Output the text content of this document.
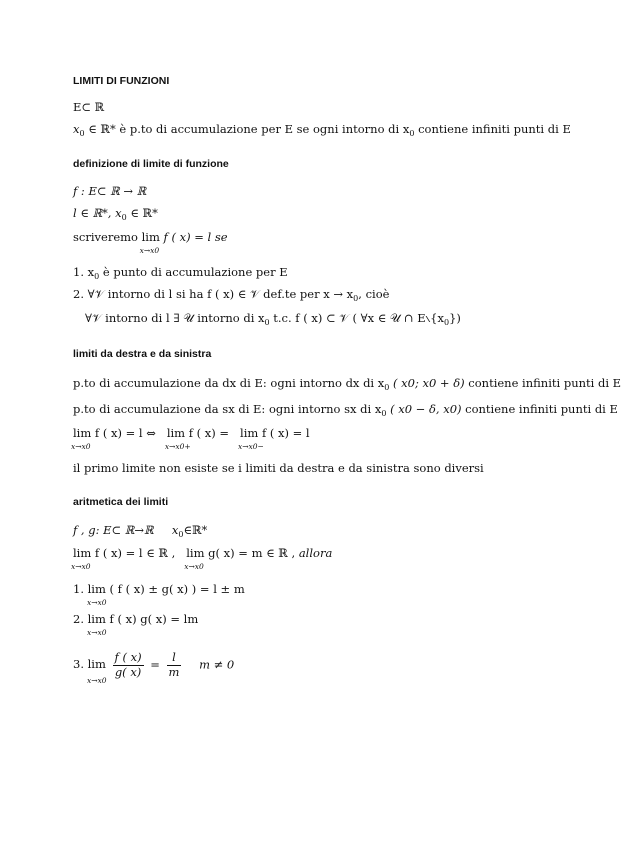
LIMITI DI FUNZIONI
E⊂ ℝ
$x_0$ ∈ ℝ* è p.to di accumulazione per E se ogni intorno di $x_0$ contiene infiniti punti di E
definizione di limite di funzione
f : E⊂ ℝ → ℝ
l ∈ ℝ*, $x_0$ ∈ ℝ*
scriveremo lim
x→x0
f ( x) = l se
1. $x_0$ è punto di accumulazione per E
2. ∀𝒱 intorno di l si ha f ( x) ∈ 𝒱 def.te per $x \to x_0$, cioè
∀𝒱 intorno di l ∃ 𝒰 intorno di $x_0$ t.c. f ( x) ⊂ 𝒱 ( ∀x ∈ 𝒰 ∩ $E∖\{x_0\}$)
limiti da destra e da sinistra
p.to di accumulazione da dx di E: ogni intorno dx di $x_0$ ( x0; x0 + δ) contiene infiniti punti di E
p.to di accumulazione da sx di E: ogni intorno sx di $x_0$ ( x0 − δ, x0) contiene infiniti punti di E
lim f ( x) = l ⇔
x→x0
lim f ( x) =
x→x0+
lim f ( x) = l
x→x0−
il primo limite non esiste se i limiti da destra e da sinistra sono diversi
aritmetica dei limiti
f , g: E⊂ ℝ→ℝ $x_0\in ℝ*$
lim f ( x) = l ∈ ℝ ,
x→x0
lim g( x) = m ∈ ℝ ,
x→x0
allora
1. lim ( f ( x) ± g( x) ) = l ± m
x→x0
2. lim f ( x) g( x) = lm
x→x0
3. lim
x→x0

$\frac{f ( x)}{g( x)} = \frac{l}{m}$ m ≠ 0
